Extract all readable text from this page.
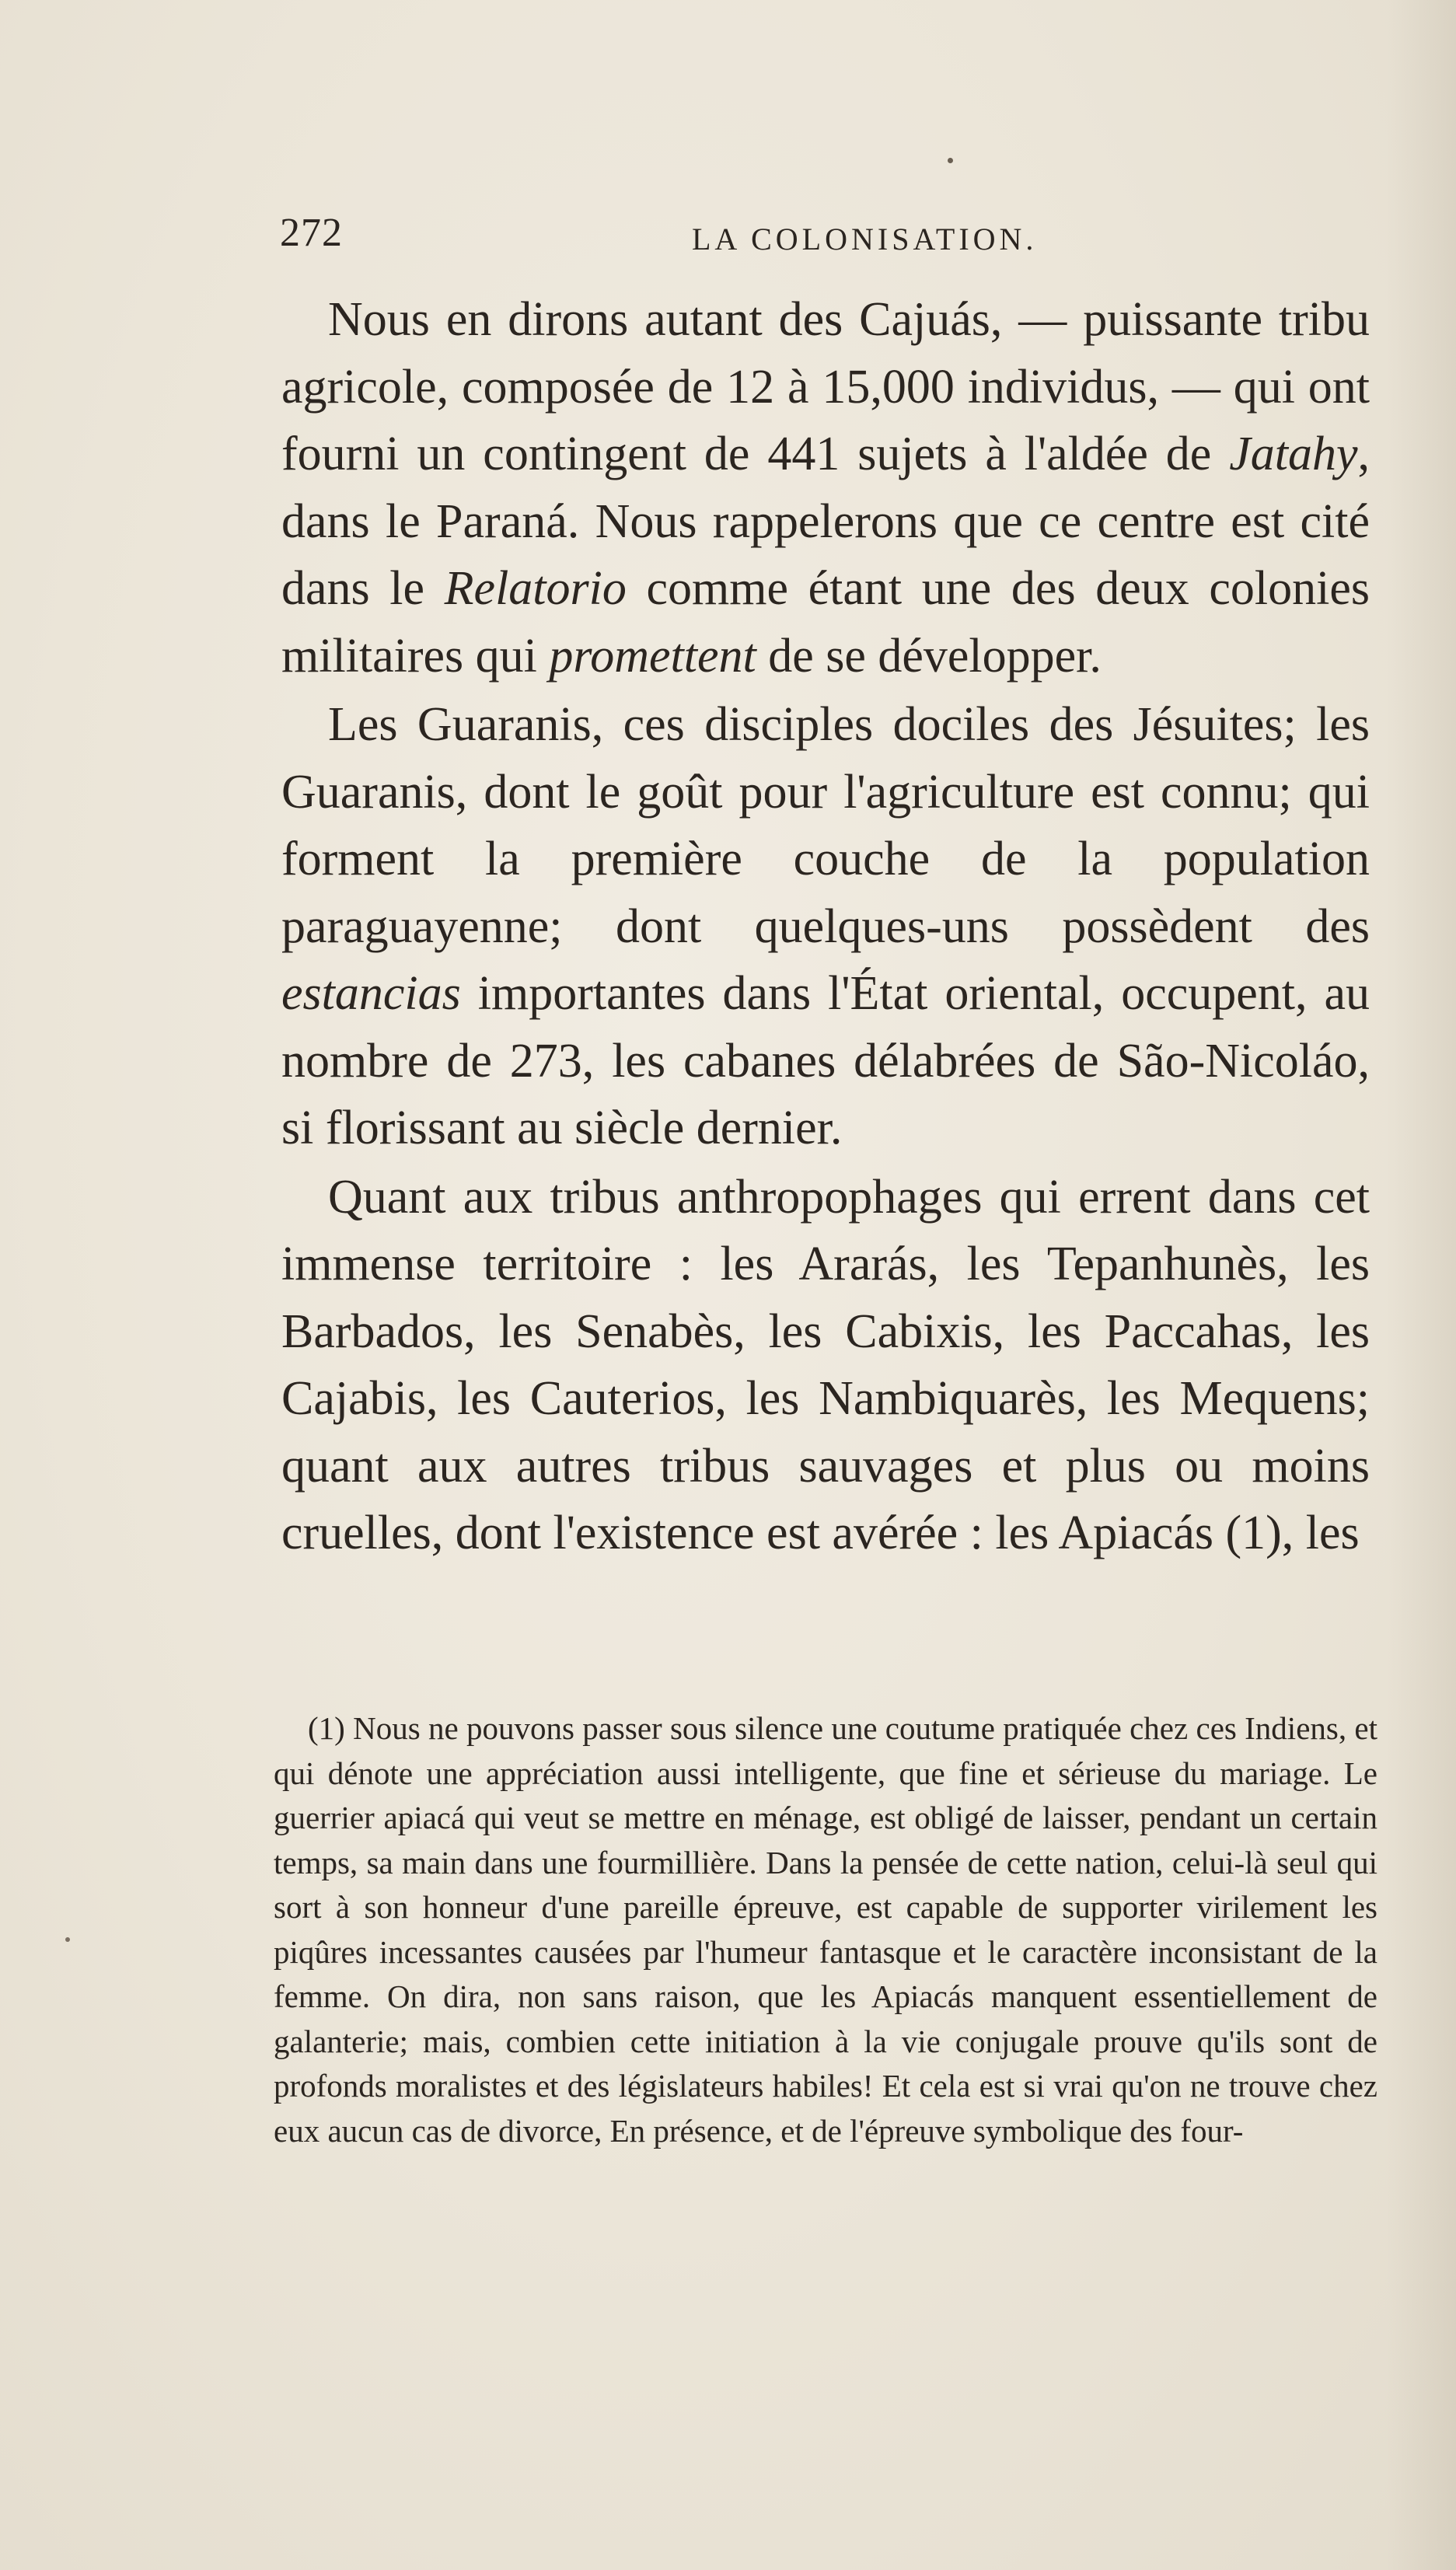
272	LA COLONISATION.

Nous en dirons autant des Cajuás, — puissante tribu agricole, composée de 12 à 15,000 individus, — qui ont fourni un contingent de 441 sujets à l'aldée de Jatahy, dans le Paraná. Nous rappelerons que ce centre est cité dans le Relatorio comme étant une des deux colonies militaires qui promettent de se développer.

Les Guaranis, ces disciples dociles des Jésuites; les Guaranis, dont le goût pour l'agriculture est connu; qui forment la première couche de la population paraguayenne; dont quelques-uns possèdent des estancias importantes dans l'État oriental, occupent, au nombre de 273, les cabanes délabrées de São-Nicoláo, si florissant au siècle dernier.

Quant aux tribus anthropophages qui errent dans cet immense territoire : les Ararás, les Tepanhunès, les Barbados, les Senabès, les Cabixis, les Paccahas, les Cajabis, les Cauterios, les Nambiquarès, les Mequens; quant aux autres tribus sauvages et plus ou moins cruelles, dont l'existence est avérée : les Apiacás (1), les

(1) Nous ne pouvons passer sous silence une coutume pratiquée chez ces Indiens, et qui dénote une appréciation aussi intelligente, que fine et sérieuse du mariage. Le guerrier apiacá qui veut se mettre en ménage, est obligé de laisser, pendant un certain temps, sa main dans une fourmillière. Dans la pensée de cette nation, celui-là seul qui sort à son honneur d'une pareille épreuve, est capable de supporter virilement les piqûres incessantes causées par l'humeur fantasque et le caractère inconsistant de la femme. On dira, non sans raison, que les Apiacás manquent essentiellement de galanterie; mais, combien cette initiation à la vie conjugale prouve qu'ils sont de profonds moralistes et des législateurs habiles! Et cela est si vrai qu'on ne trouve chez eux aucun cas de divorce, En présence, et de l'épreuve symbolique des four-
